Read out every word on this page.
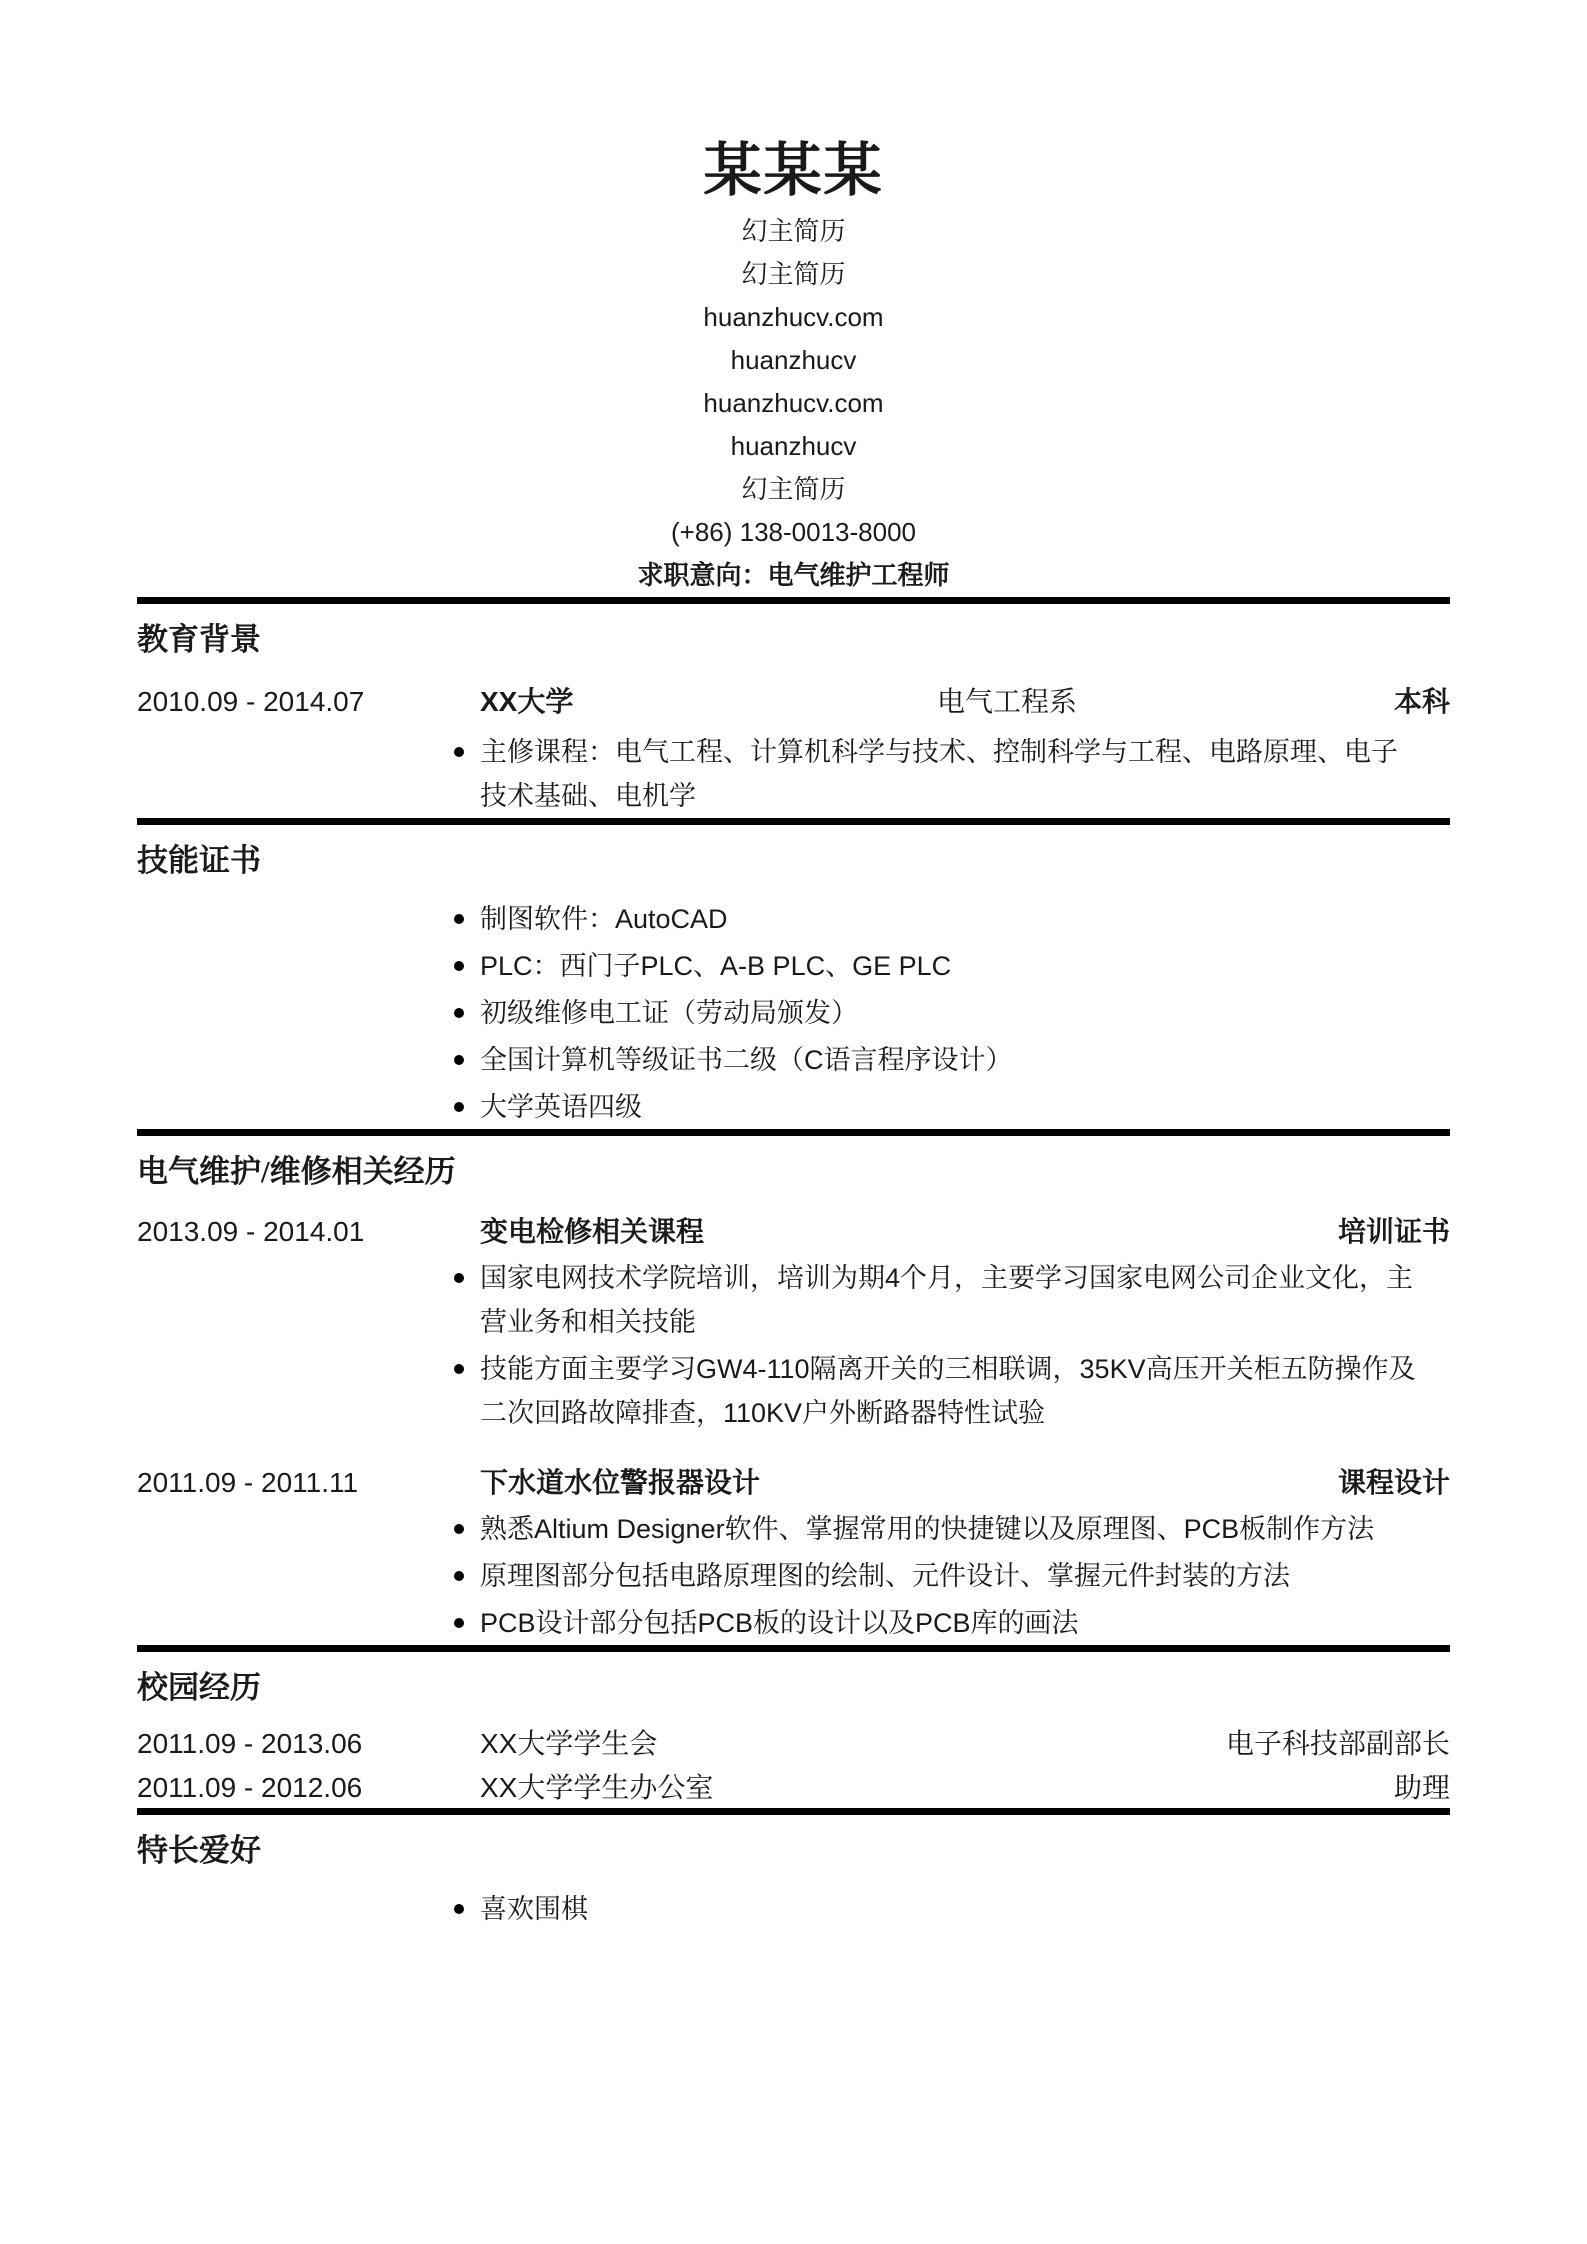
某某某

幻主简历

幻主简历

huanzhucv.com

huanzhucv

huanzhucv.com

huanzhucv

幻主简历

(+86) 138-0013-8000

求职意向：电气维护工程师

教育背景
2010.09 - 2014.07	XX大学	电气工程系	本科
主修课程：电气工程、计算机科学与技术、控制科学与工程、电路原理、电子技术基础、电机学
技能证书
制图软件：AutoCAD
PLC：西门子PLC、A-B PLC、GE PLC
初级维修电工证（劳动局颁发）
全国计算机等级证书二级（C语言程序设计）
大学英语四级
电气维护/维修相关经历
2013.09 - 2014.01	变电检修相关课程	培训证书
国家电网技术学院培训，培训为期4个月，主要学习国家电网公司企业文化，主营业务和相关技能
技能方面主要学习GW4-110隔离开关的三相联调，35KV高压开关柜五防操作及二次回路故障排查，110KV户外断路器特性试验
2011.09 - 2011.11	下水道水位警报器设计	课程设计
熟悉Altium Designer软件、掌握常用的快捷键以及原理图、PCB板制作方法
原理图部分包括电路原理图的绘制、元件设计、掌握元件封装的方法
PCB设计部分包括PCB板的设计以及PCB库的画法
校园经历
2011.09 - 2013.06	XX大学学生会	电子科技部副部长
2011.09 - 2012.06	XX大学学生办公室	助理
特长爱好
喜欢围棋
